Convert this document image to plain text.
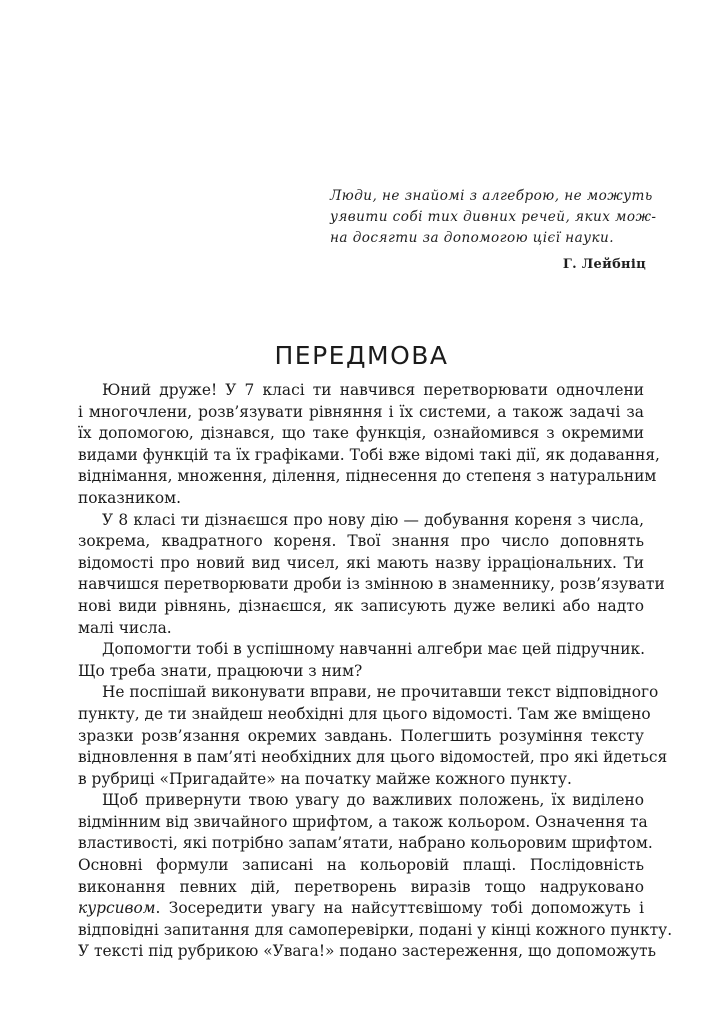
Люди, не знайомі з алгеброю, не можуть
уявити собі тих дивних речей, яких мож-
на досягти за допомогою цієї науки.
Г. Лейбніц
ПЕРЕДМОВА
Юний друже! У 7 класі ти навчився перетворювати одночлени
і многочлени, розв’язувати рівняння і їх системи, а також задачі за
їх допомогою, дізнався, що таке функція, ознайомився з окремими
видами функцій та їх графіками. Тобі вже відомі такі дії, як додавання,
віднімання, множення, ділення, піднесення до степеня з натуральним
показником.
У 8 класі ти дізнаєшся про нову дію — добування кореня з числа,
зокрема, квадратного кореня. Твої знання про число доповнять
відомості про новий вид чисел, які мають назву ірраціональних. Ти
навчишся перетворювати дроби із змінною в знаменнику, розв’язувати
нові види рівнянь, дізнаєшся, як записують дуже великі або надто
малі числа.
Допомогти тобі в успішному навчанні алгебри має цей підручник.
Що треба знати, працюючи з ним?
Не поспішай виконувати вправи, не прочитавши текст відповідного
пункту, де ти знайдеш необхідні для цього відомості. Там же вміщено
зразки розв’язання окремих завдань. Полегшить розуміння тексту
відновлення в пам’яті необхідних для цього відомостей, про які йдеться
в рубриці «Пригадайте» на початку майже кожного пункту.
Щоб привернути твою увагу до важливих положень, їх виділено
відмінним від звичайного шрифтом, а також кольором. Означення та
властивості, які потрібно запам’ятати, набрано кольоровим шрифтом.
Основні формули записані на кольоровій плащі. Послідовність
виконання певних дій, перетворень виразів тощо надруковано
курсивом. Зосередити увагу на найсуттєвішому тобі допоможуть і
відповідні запитання для самоперевірки, подані у кінці кожного пункту.
У тексті під рубрикою «Увага!» подано застереження, що допоможуть
